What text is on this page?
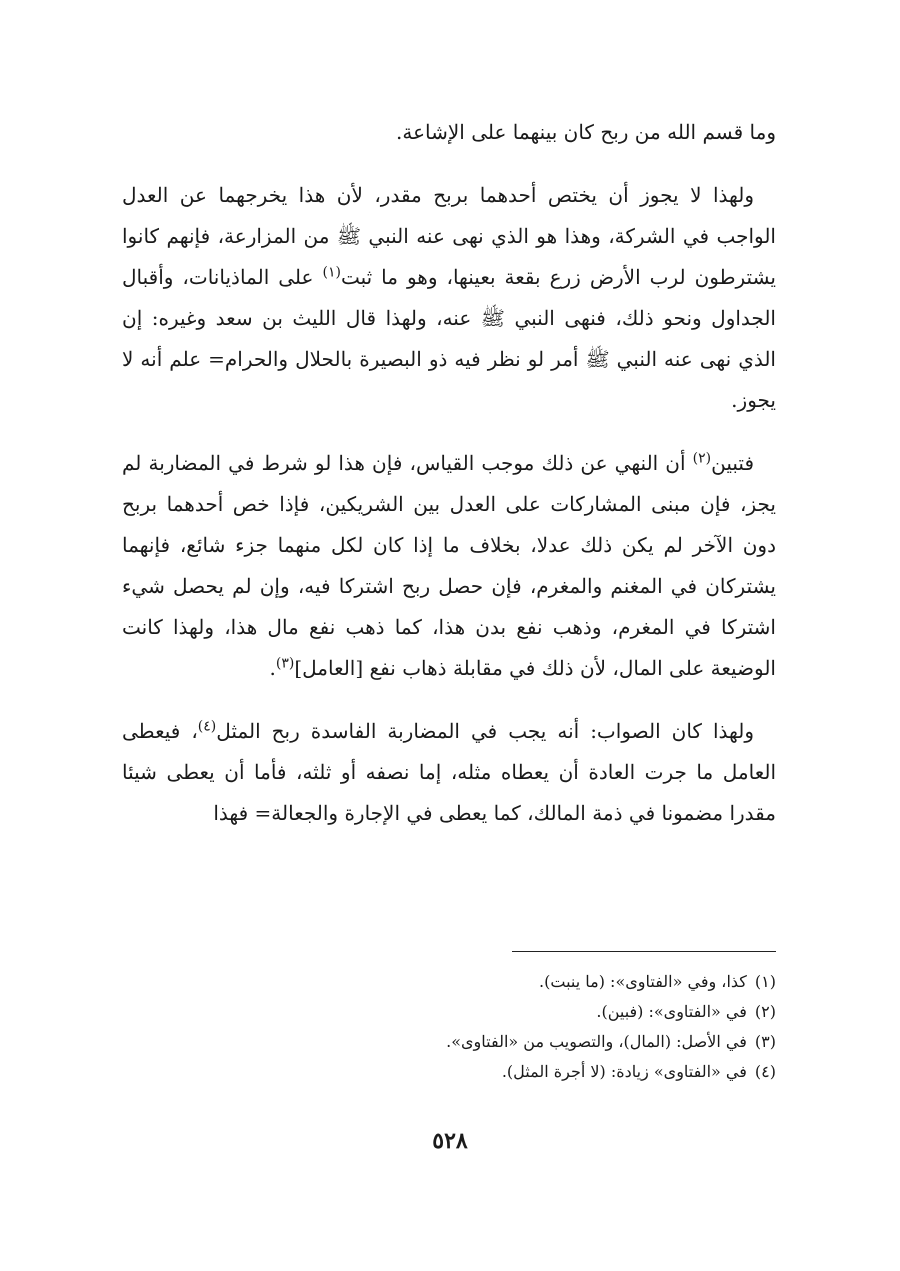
وما قسم الله من ربح كان بينهما على الإشاعة.

ولهذا لا يجوز أن يختص أحدهما بربح مقدر، لأن هذا يخرجهما عن العدل الواجب في الشركة، وهذا هو الذي نهى عنه النبي ﷺ من المزارعة، فإنهم كانوا يشترطون لرب الأرض زرع بقعة بعينها، وهو ما ثبت$^{(١)}$ على الماذيانات، وأقبال الجداول ونحو ذلك، فنهى النبي ﷺ عنه، ولهذا قال الليث بن سعد وغيره: إن الذي نهى عنه النبي ﷺ أمر لو نظر فيه ذو البصيرة بالحلال والحرام= علم أنه لا يجوز.

فتبين$^{(٢)}$ أن النهي عن ذلك موجب القياس، فإن هذا لو شرط في المضاربة لم يجز، فإن مبنى المشاركات على العدل بين الشريكين، فإذا خص أحدهما بربح دون الآخر لم يكن ذلك عدلا، بخلاف ما إذا كان لكل منهما جزء شائع، فإنهما يشتركان في المغنم والمغرم، فإن حصل ربح اشتركا فيه، وإن لم يحصل شيء اشتركا في المغرم، وذهب نفع بدن هذا، كما ذهب نفع مال هذا، ولهذا كانت الوضيعة على المال، لأن ذلك في مقابلة ذهاب نفع [العامل]$^{(٣)}$.

ولهذا كان الصواب: أنه يجب في المضاربة الفاسدة ربح المثل$^{(٤)}$، فيعطى العامل ما جرت العادة أن يعطاه مثله، إما نصفه أو ثلثه، فأما أن يعطى شيئا مقدرا مضمونا في ذمة المالك، كما يعطى في الإجارة والجعالة= فهذا

(١)كذا، وفي «الفتاوى»: (ما ينبت).

(٢)في «الفتاوى»: (فبين).

(٣)في الأصل: (المال)، والتصويب من «الفتاوى».

(٤)في «الفتاوى» زيادة: (لا أجرة المثل).

٥٢٨
